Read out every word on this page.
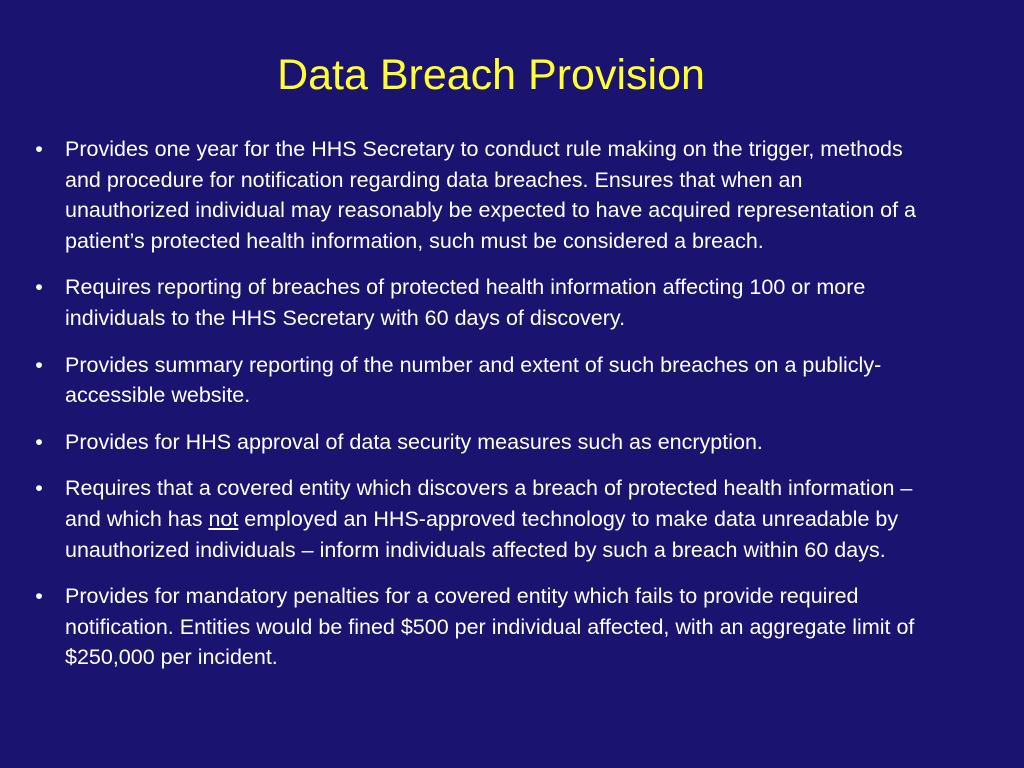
Data Breach Provision
• Provides one year for the HHS Secretary to conduct rule making on the trigger, methods and procedure for notification regarding data breaches. Ensures that when an unauthorized individual may reasonably be expected to have acquired representation of a patient’s protected health information, such must be considered a breach.
• Requires reporting of breaches of protected health information affecting 100 or more individuals to the HHS Secretary with 60 days of discovery.
• Provides summary reporting of the number and extent of such breaches on a publicly-accessible website.
• Provides for HHS approval of data security measures such as encryption.
• Requires that a covered entity which discovers a breach of protected health information – and which has not employed an HHS-approved technology to make data unreadable by unauthorized individuals – inform individuals affected by such a breach within 60 days.
• Provides for mandatory penalties for a covered entity which fails to provide required notification. Entities would be fined $500 per individual affected, with an aggregate limit of $250,000 per incident.
